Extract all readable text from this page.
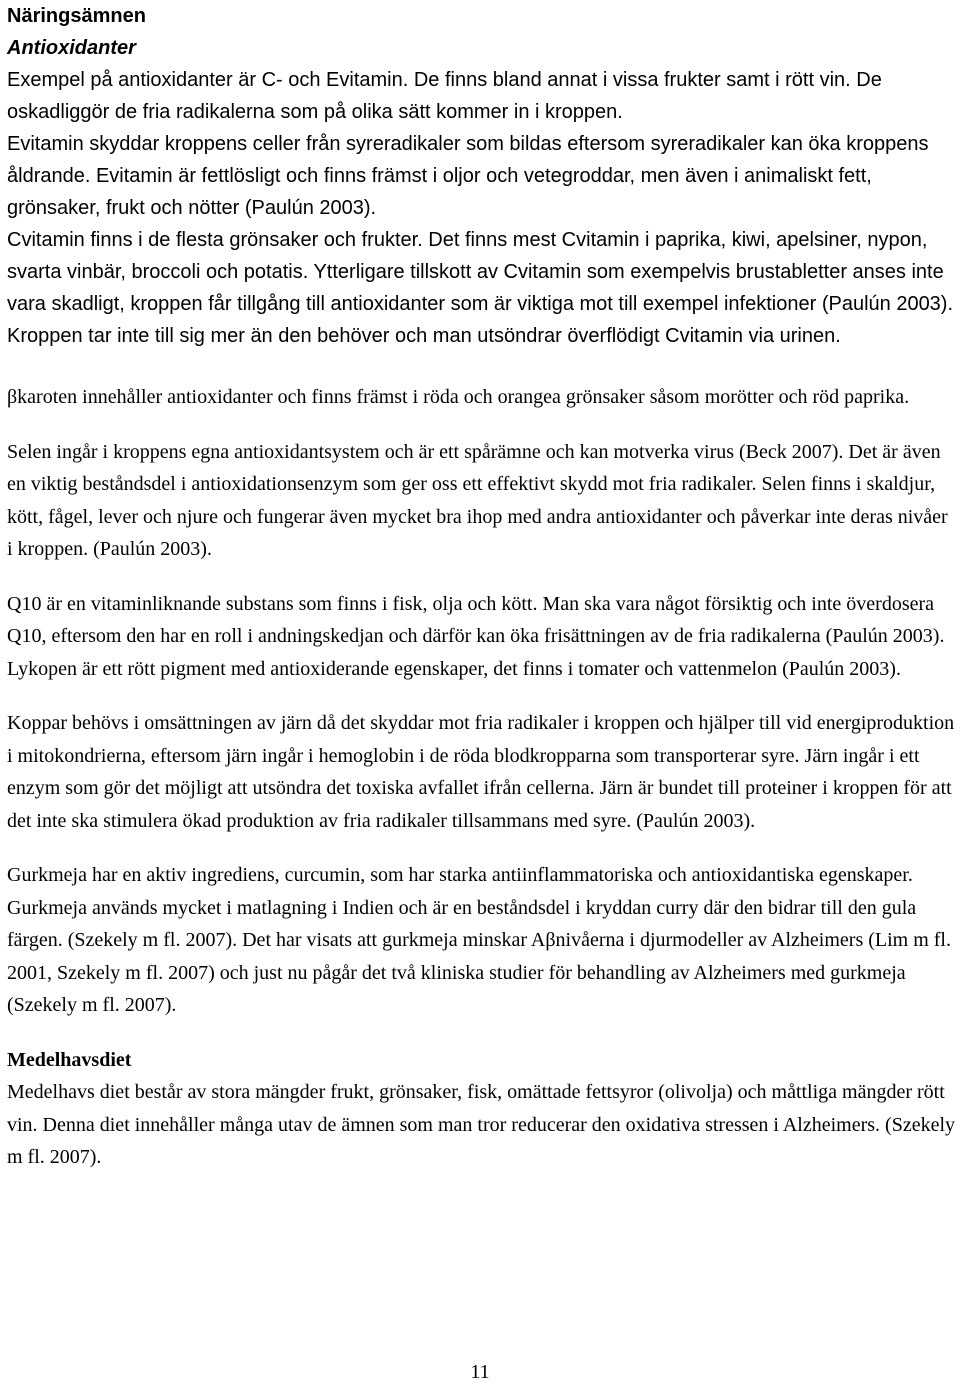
Näringsämnen
Antioxidanter

Exempel på antioxidanter är C- och Evitamin. De finns bland annat i vissa frukter samt i rött vin. De oskadliggör de fria radikalerna som på olika sätt kommer in i kroppen.

Evitamin skyddar kroppens celler från syreradikaler som bildas eftersom syreradikaler kan öka kroppens åldrande. Evitamin är fettlösligt och finns främst i oljor och vetegroddar, men även i animaliskt fett, grönsaker, frukt och nötter (Paulún 2003).

Cvitamin finns i de flesta grönsaker och frukter. Det finns mest Cvitamin i paprika, kiwi, apelsiner, nypon, svarta vinbär, broccoli och potatis. Ytterligare tillskott av Cvitamin som exempelvis brustabletter anses inte vara skadligt, kroppen får tillgång till antioxidanter som är viktiga mot till exempel infektioner (Paulún 2003). Kroppen tar inte till sig mer än den behöver och man utsöndrar överflödigt Cvitamin via urinen.

βkaroten innehåller antioxidanter och finns främst i röda och orangea grönsaker såsom morötter och röd paprika.

Selen ingår i kroppens egna antioxidantsystem och är ett spårämne och kan motverka virus (Beck 2007). Det är även en viktig beståndsdel i antioxidationsenzym som ger oss ett effektivt skydd mot fria radikaler. Selen finns i skaldjur, kött, fågel, lever och njure och fungerar även mycket bra ihop med andra antioxidanter och påverkar inte deras nivåer i kroppen. (Paulún 2003).

Q10 är en vitaminliknande substans som finns i fisk, olja och kött. Man ska vara något försiktig och inte överdosera Q10, eftersom den har en roll i andningskedjan och därför kan öka frisättningen av de fria radikalerna (Paulún 2003). Lykopen är ett rött pigment med antioxiderande egenskaper, det finns i tomater och vattenmelon (Paulún 2003).

Koppar behövs i omsättningen av järn då det skyddar mot fria radikaler i kroppen och hjälper till vid energiproduktion i mitokondrierna, eftersom järn ingår i hemoglobin i de röda blodkropparna som transporterar syre. Järn ingår i ett enzym som gör det möjligt att utsöndra det toxiska avfallet ifrån cellerna. Järn är bundet till proteiner i kroppen för att det inte ska stimulera ökad produktion av fria radikaler tillsammans med syre. (Paulún 2003).

Gurkmeja har en aktiv ingrediens, curcumin, som har starka antiinflammatoriska och antioxidantiska egenskaper. Gurkmeja används mycket i matlagning i Indien och är en beståndsdel i kryddan curry där den bidrar till den gula färgen. (Szekely m fl. 2007). Det har visats att gurkmeja minskar Aβnivåerna i djurmodeller av Alzheimers (Lim m fl. 2001, Szekely m fl. 2007) och just nu pågår det två kliniska studier för behandling av Alzheimers med gurkmeja (Szekely m fl. 2007).

Medelhavsdiet

Medelhavs diet består av stora mängder frukt, grönsaker, fisk, omättade fettsyror (olivolja) och måttliga mängder rött vin. Denna diet innehåller många utav de ämnen som man tror reducerar den oxidativa stressen i Alzheimers. (Szekely m fl. 2007).

11
